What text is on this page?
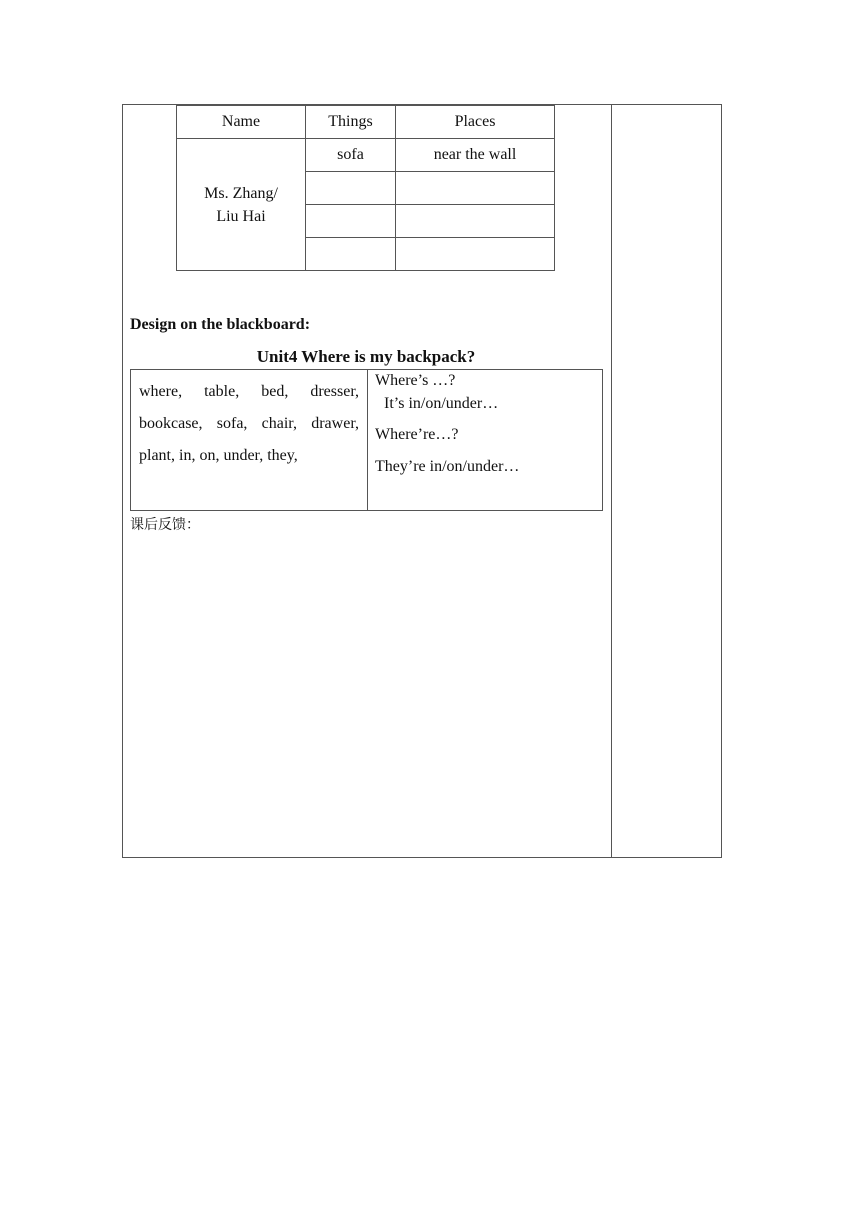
Name	Things	Places
Ms. Zhang/
Liu Hai	sofa	near the wall

Design on the blackboard:
Unit4 Where is my backpack?
where, table, bed, dresser,
bookcase, sofa, chair, drawer,
plant, in, on, under, they,
Where’s …?
It’s in/on/under…
Where’re…?
They’re in/on/under…
课后反馈：
